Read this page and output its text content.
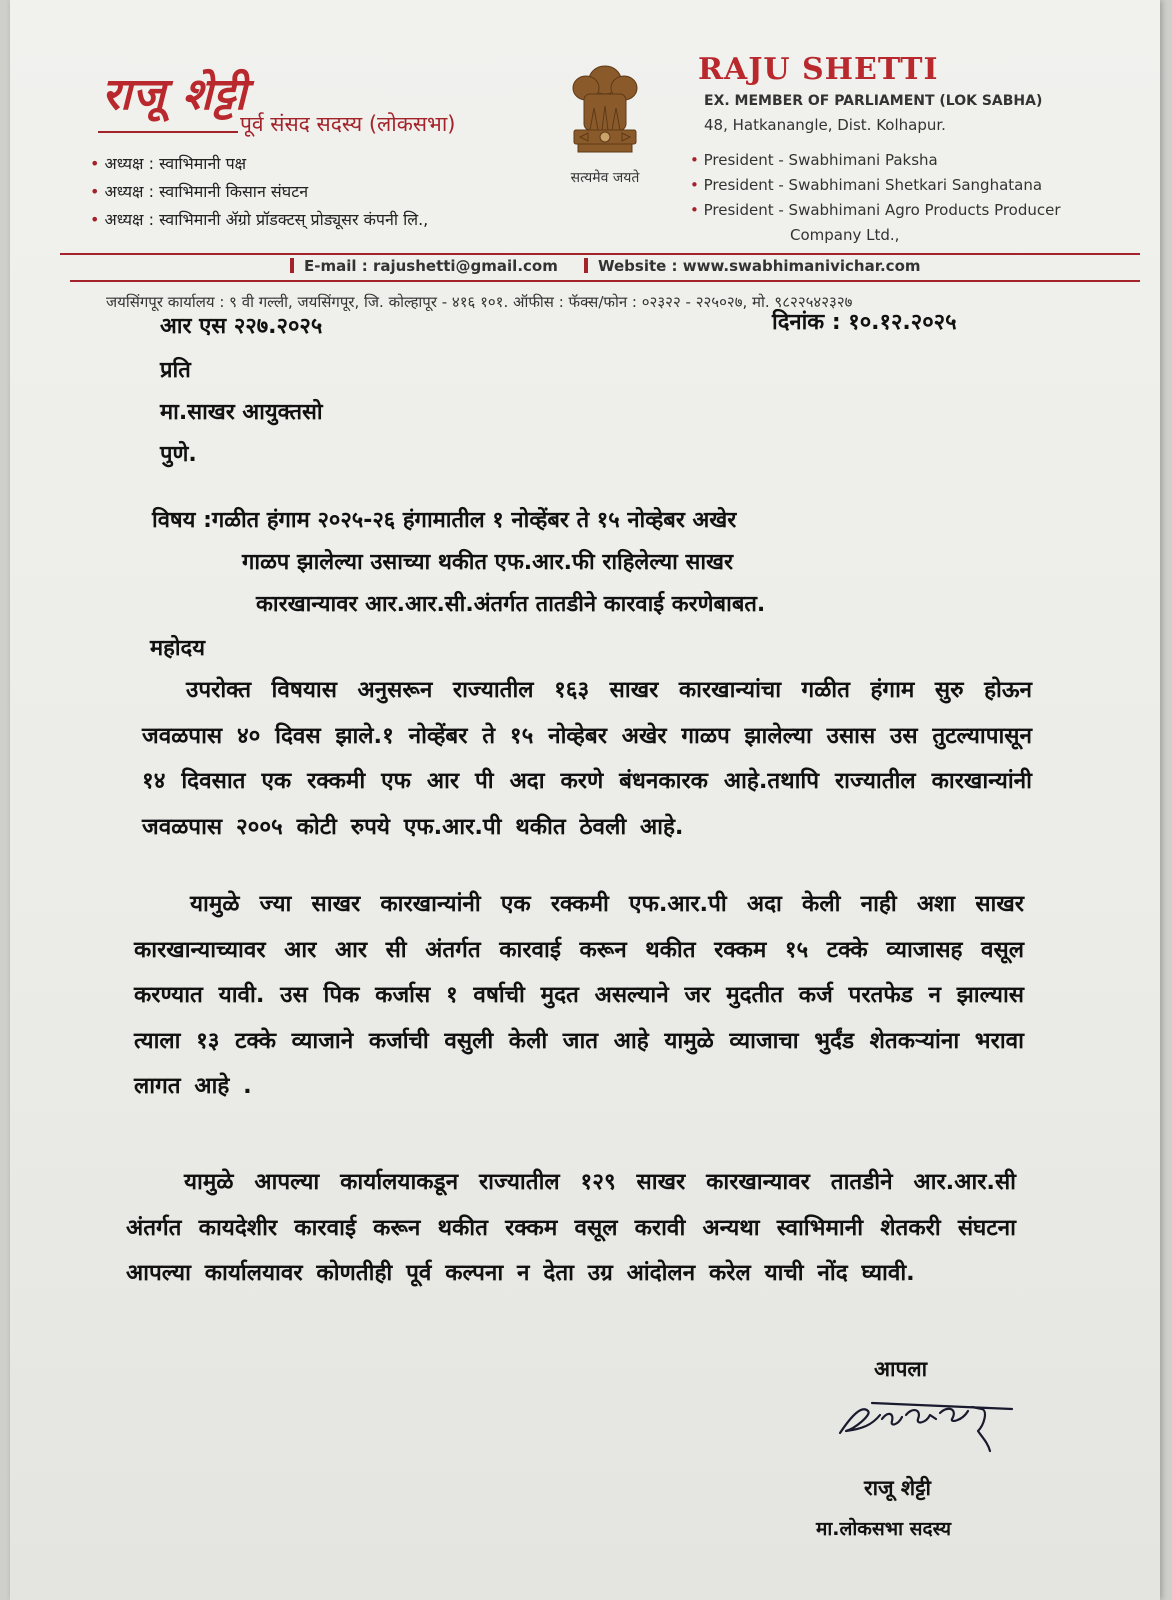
राजू शेट्टी
पूर्व संसद सदस्य (लोकसभा)
• अध्यक्ष : स्वाभिमानी पक्ष
• अध्यक्ष : स्वाभिमानी किसान संघटन
• अध्यक्ष : स्वाभिमानी ॲग्रो प्रॉडक्टस् प्रोड्यूसर कंपनी लि.,
सत्यमेव जयते
RAJU SHETTI
EX. MEMBER OF PARLIAMENT (LOK SABHA)
48, Hatkanangle, Dist. Kolhapur.
• President - Swabhimani Paksha
• President - Swabhimani Shetkari Sanghatana
• President - Swabhimani Agro Products Producer
Company Ltd.,
E-mail : rajushetti@gmail.com	Website : www.swabhimanivichar.com
जयसिंगपूर कार्यालय : ९ वी गल्ली, जयसिंगपूर, जि. कोल्हापूर - ४१६ १०१. ऑफीस : फॅक्स/फोन : ०२३२२ - २२५०२७, मो. ९८२२५४२३२७
आर एस २२७.२०२५	दिनांक : १०.१२.२०२५
प्रति
मा.साखर आयुक्तसो
पुणे.
विषय :गळीत हंगाम २०२५-२६ हंगामातील १ नोव्हेंबर ते १५ नोव्हेबर अखेर
गाळप झालेल्या उसाच्या थकीत एफ.आर.फी राहिलेल्या साखर
कारखान्यावर आर.आर.सी.अंतर्गत तातडीने कारवाई करणेबाबत.
महोदय
उपरोक्त विषयास अनुसरून राज्यातील १६३ साखर कारखान्यांचा गळीत हंगाम सुरु होऊन जवळपास ४० दिवस झाले.१ नोव्हेंबर ते १५ नोव्हेबर अखेर गाळप झालेल्या उसास उस तुटल्यापासून १४ दिवसात एक रक्कमी एफ आर पी अदा करणे बंधनकारक आहे.तथापि राज्यातील कारखान्यांनी जवळपास २००५ कोटी रुपये एफ.आर.पी थकीत ठेवली आहे.
यामुळे ज्या साखर कारखान्यांनी एक रक्कमी एफ.आर.पी अदा केली नाही अशा साखर कारखान्याच्यावर आर आर सी अंतर्गत कारवाई करून थकीत रक्कम १५ टक्के व्याजासह वसूल करण्यात यावी. उस पिक कर्जास १ वर्षाची मुदत असल्याने जर मुदतीत कर्ज परतफेड न झाल्यास त्याला १३ टक्के व्याजाने कर्जाची वसुली केली जात आहे यामुळे व्याजाचा भुर्दंड शेतकऱ्यांना भरावा लागत आहे .
यामुळे आपल्या कार्यालयाकडून राज्यातील १२९ साखर कारखान्यावर तातडीने आर.आर.सी अंतर्गत कायदेशीर कारवाई करून थकीत रक्कम वसूल करावी अन्यथा स्वाभिमानी शेतकरी संघटना आपल्या कार्यालयावर कोणतीही पूर्व कल्पना न देता उग्र आंदोलन करेल याची नोंद घ्यावी.
आपला
राजू शेट्टी
मा.लोकसभा सदस्य
